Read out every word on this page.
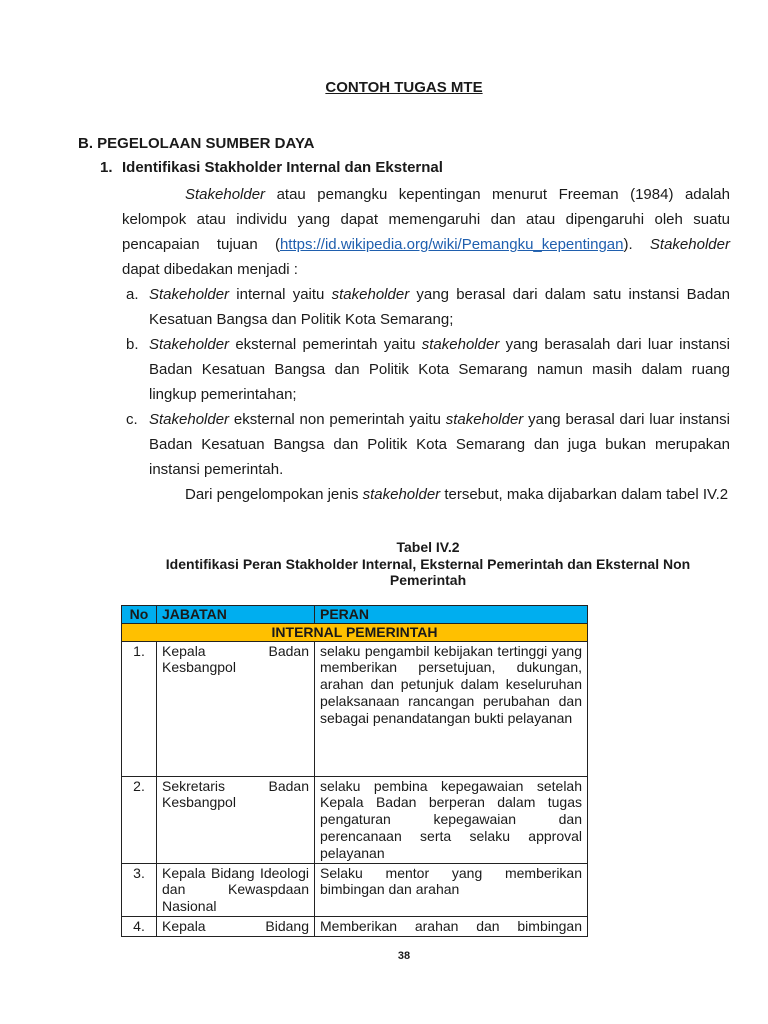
CONTOH TUGAS MTE
B. PEGELOLAAN SUMBER DAYA
1. Identifikasi Stakholder Internal dan Eksternal

Stakeholder atau pemangku kepentingan menurut Freeman (1984) adalah kelompok atau individu yang dapat memengaruhi dan atau dipengaruhi oleh suatu pencapaian tujuan (https://id.wikipedia.org/wiki/Pemangku_kepentingan). Stakeholder dapat dibedakan menjadi :

a. Stakeholder internal yaitu stakeholder yang berasal dari dalam satu instansi Badan Kesatuan Bangsa dan Politik Kota Semarang;
b. Stakeholder eksternal pemerintah yaitu stakeholder yang berasalah dari luar instansi Badan Kesatuan Bangsa dan Politik Kota Semarang namun masih dalam ruang lingkup pemerintahan;
c. Stakeholder eksternal non pemerintah yaitu stakeholder yang berasal dari luar instansi Badan Kesatuan Bangsa dan Politik Kota Semarang dan juga bukan merupakan instansi pemerintah.

Dari pengelompokan jenis stakeholder tersebut, maka dijabarkan dalam tabel IV.2

Tabel IV.2
Identifikasi Peran Stakholder Internal, Eksternal Pemerintah dan Eksternal Non Pemerintah
No	JABATAN	PERAN
INTERNAL PEMERINTAH		
1.	Kepala Badan Kesbangpol	selaku pengambil kebijakan tertinggi yang memberikan persetujuan, dukungan, arahan dan petunjuk dalam keseluruhan pelaksanaan rancangan perubahan dan sebagai penandatangan bukti pelayanan
2.	Sekretaris Badan Kesbangpol	selaku pembina kepegawaian setelah Kepala Badan berperan dalam tugas pengaturan kepegawaian dan perencanaan serta selaku approval pelayanan
3.	Kepala Bidang Ideologi dan Kewaspdaan Nasional	Selaku mentor yang memberikan bimbingan dan arahan
4.	Kepala Bidang	Memberikan arahan dan bimbingan
38
